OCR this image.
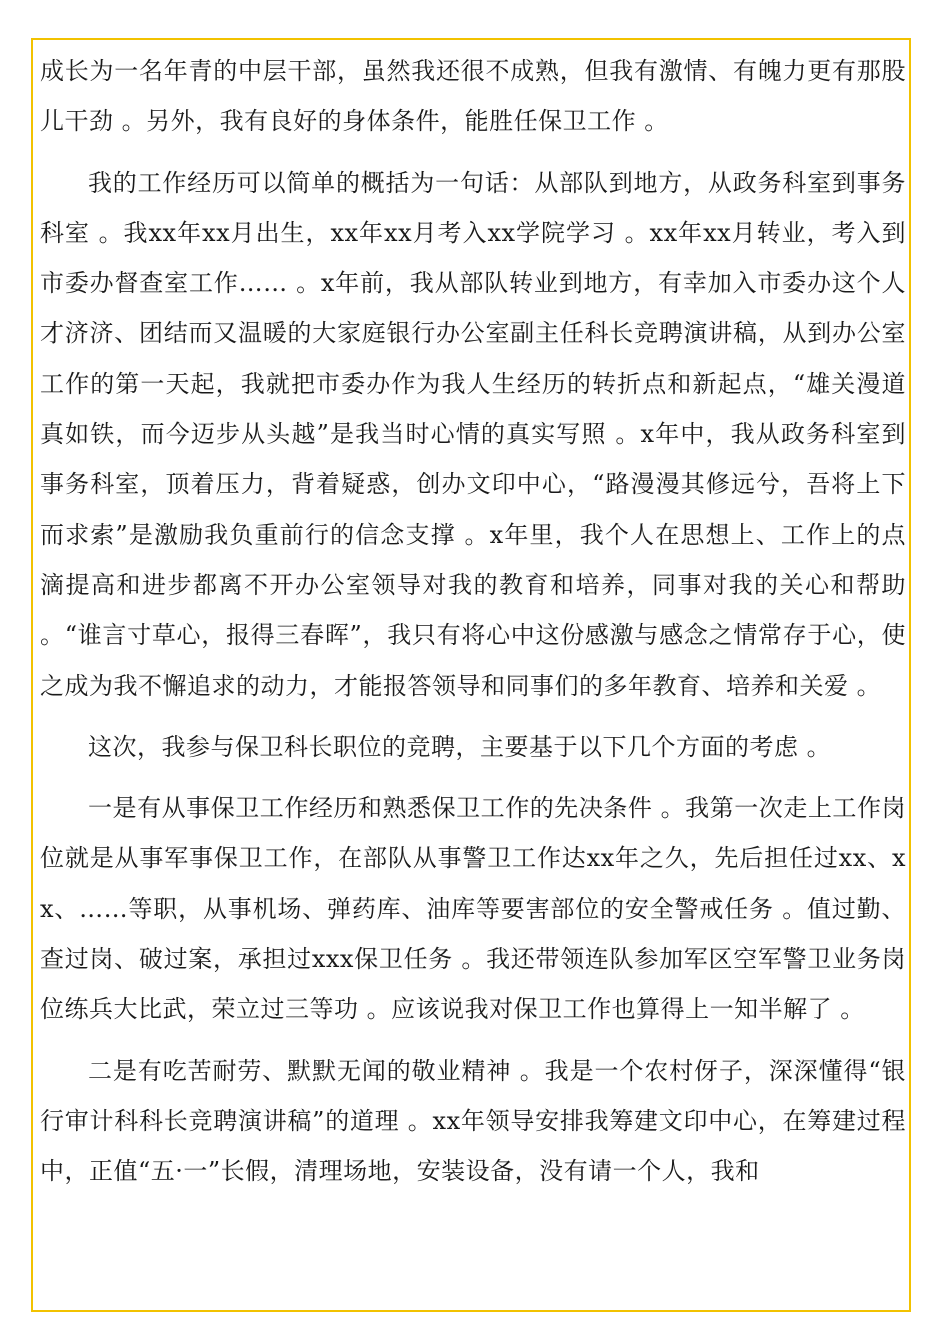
成长为一名年青的中层干部，虽然我还很不成熟，但我有激情、有魄力更有那股儿干劲 。另外，我有良好的身体条件，能胜任保卫工作 。

我的工作经历可以简单的概括为一句话：从部队到地方，从政务科室到事务科室 。我xx年xx月出生，xx年xx月考入xx学院学习 。xx年xx月转业，考入到市委办督查室工作…… 。x年前，我从部队转业到地方，有幸加入市委办这个人才济济、团结而又温暖的大家庭银行办公室副主任科长竞聘演讲稿，从到办公室工作的第一天起，我就把市委办作为我人生经历的转折点和新起点，“雄关漫道真如铁，而今迈步从头越”是我当时心情的真实写照 。x年中，我从政务科室到事务科室，顶着压力，背着疑惑，创办文印中心，“路漫漫其修远兮，吾将上下而求索”是激励我负重前行的信念支撑 。x年里，我个人在思想上、工作上的点滴提高和进步都离不开办公室领导对我的教育和培养，同事对我的关心和帮助 。“谁言寸草心，报得三春晖”，我只有将心中这份感激与感念之情常存于心，使之成为我不懈追求的动力，才能报答领导和同事们的多年教育、培养和关爱 。

这次，我参与保卫科长职位的竞聘，主要基于以下几个方面的考虑 。

一是有从事保卫工作经历和熟悉保卫工作的先决条件 。我第一次走上工作岗位就是从事军事保卫工作，在部队从事警卫工作达xx年之久，先后担任过xx、xx、……等职，从事机场、弹药库、油库等要害部位的安全警戒任务 。值过勤、查过岗、破过案，承担过xxx保卫任务 。我还带领连队参加军区空军警卫业务岗位练兵大比武，荣立过三等功 。应该说我对保卫工作也算得上一知半解了 。

二是有吃苦耐劳、默默无闻的敬业精神 。我是一个农村伢子，深深懂得“银行审计科科长竞聘演讲稿”的道理 。xx年领导安排我筹建文印中心，在筹建过程中，正值“五·一”长假，清理场地，安装设备，没有请一个人，我和
